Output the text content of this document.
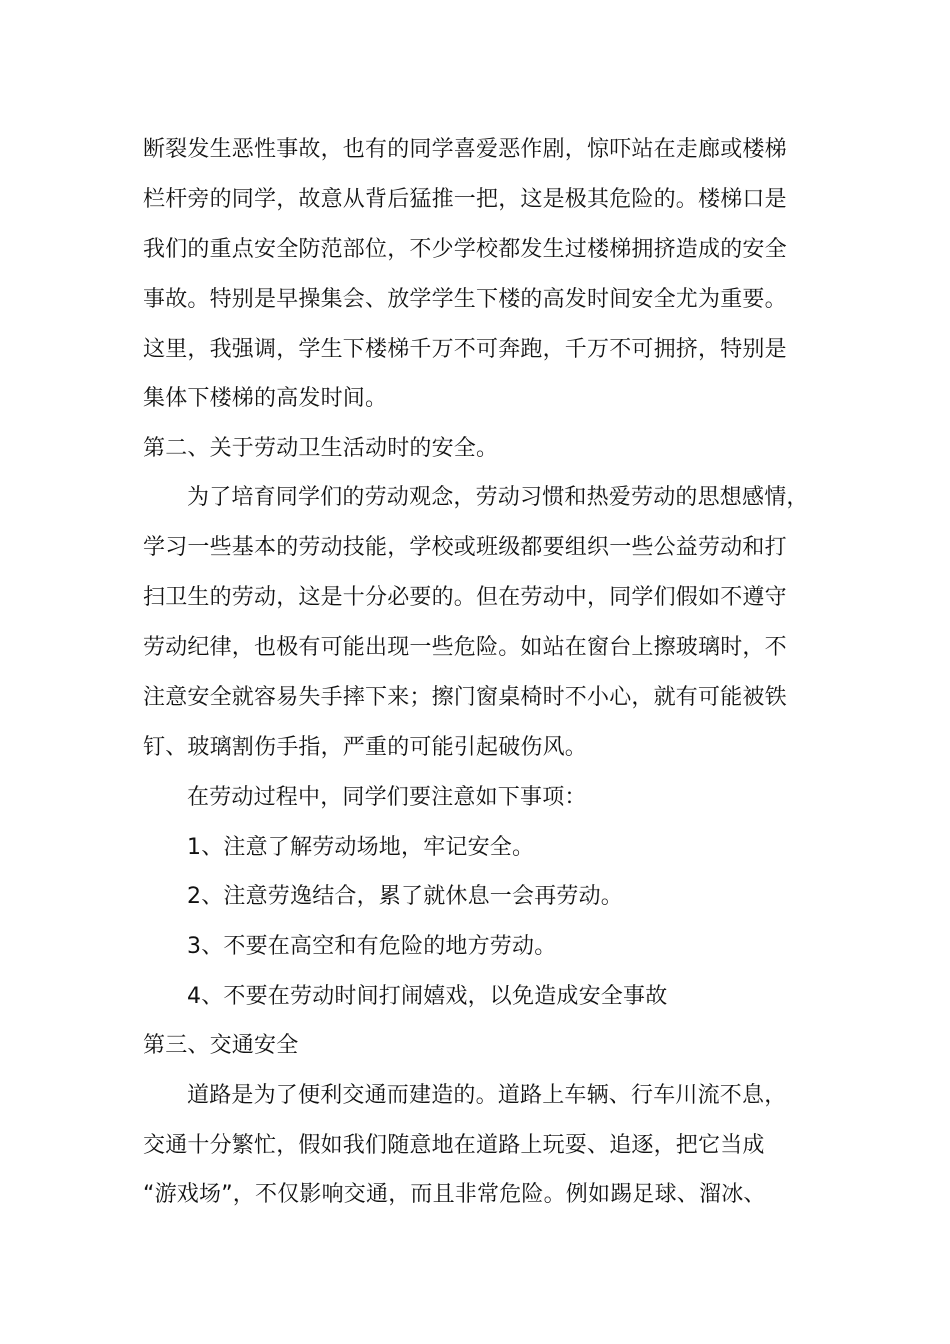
断裂发生恶性事故，也有的同学喜爱恶作剧，惊吓站在走廊或楼梯
栏杆旁的同学，故意从背后猛推一把，这是极其危险的。楼梯口是
我们的重点安全防范部位，不少学校都发生过楼梯拥挤造成的安全
事故。特别是早操集会、放学学生下楼的高发时间安全尤为重要。
这里，我强调，学生下楼梯千万不可奔跑，千万不可拥挤，特别是
集体下楼梯的高发时间。
第二、关于劳动卫生活动时的安全。
为了培育同学们的劳动观念，劳动习惯和热爱劳动的思想感情，
学习一些基本的劳动技能，学校或班级都要组织一些公益劳动和打
扫卫生的劳动，这是十分必要的。但在劳动中，同学们假如不遵守
劳动纪律，也极有可能出现一些危险。如站在窗台上擦玻璃时，不
注意安全就容易失手摔下来；擦门窗桌椅时不小心，就有可能被铁
钉、玻璃割伤手指，严重的可能引起破伤风。
在劳动过程中，同学们要注意如下事项：
1、注意了解劳动场地，牢记安全。
2、注意劳逸结合，累了就休息一会再劳动。
3、不要在高空和有危险的地方劳动。
4、不要在劳动时间打闹嬉戏，以免造成安全事故
第三、交通安全
道路是为了便利交通而建造的。道路上车辆、行车川流不息，
交通十分繁忙，假如我们随意地在道路上玩耍、追逐，把它当成
“游戏场”，不仅影响交通，而且非常危险。例如踢足球、溜冰、
